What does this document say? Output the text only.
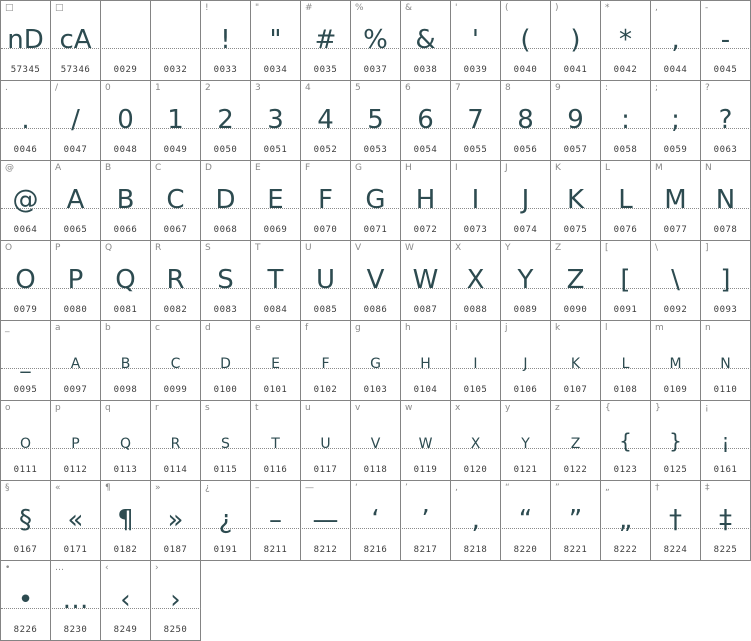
□
nD
57345
□
cA
57346	0029	0032
!
!
0033
"
"
0034
#
#
0035
%
%
0037
&
&
0038
'
'
0039
(
(
0040
)
)
0041
*
*
0042
,
,
0044
-
-
0045
.
.
0046
/
/
0047
0
0
0048
1
1
0049
2
2
0050
3
3
0051
4
4
0052
5
5
0053
6
6
0054
7
7
0055
8
8
0056
9
9
0057
:
:
0058
;
;
0059
?
?
0063
@
@
0064
A
A
0065
B
B
0066
C
C
0067
D
D
0068
E
E
0069
F
F
0070
G
G
0071
H
H
0072
I
I
0073
J
J
0074
K
K
0075
L
L
0076
M
M
0077
N
N
0078
O
O
0079
P
P
0080
Q
Q
0081
R
R
0082
S
S
0083
T
T
0084
U
U
0085
V
V
0086
W
W
0087
X
X
0088
Y
Y
0089
Z
Z
0090
[
[
0091
\
\
0092
]
]
0093
_
_
0095
a
a
0097
b
b
0098
c
c
0099
d
d
0100
e
e
0101
f
f
0102
g
g
0103
h
h
0104
i
i
0105
j
j
0106
k
k
0107
l
l
0108
m
m
0109
n
n
0110
o
o
0111
p
p
0112
q
q
0113
r
r
0114
s
s
0115
t
t
0116
u
u
0117
v
v
0118
w
w
0119
x
x
0120
y
y
0121
z
z
0122
{
{
0123
}
}
0125
¡
¡
0161
§
§
0167
«
«
0171
¶
¶
0182
»
»
0187
¿
¿
0191
–
–
8211
—
—
8212
‘
‘
8216
’
’
8217
‚
‚
8218
“
“
8220
”
”
8221
„
„
8222
†
†
8224
‡
‡
8225
•
•
8226
…
…
8230
‹
‹
8249
›
›
8250
